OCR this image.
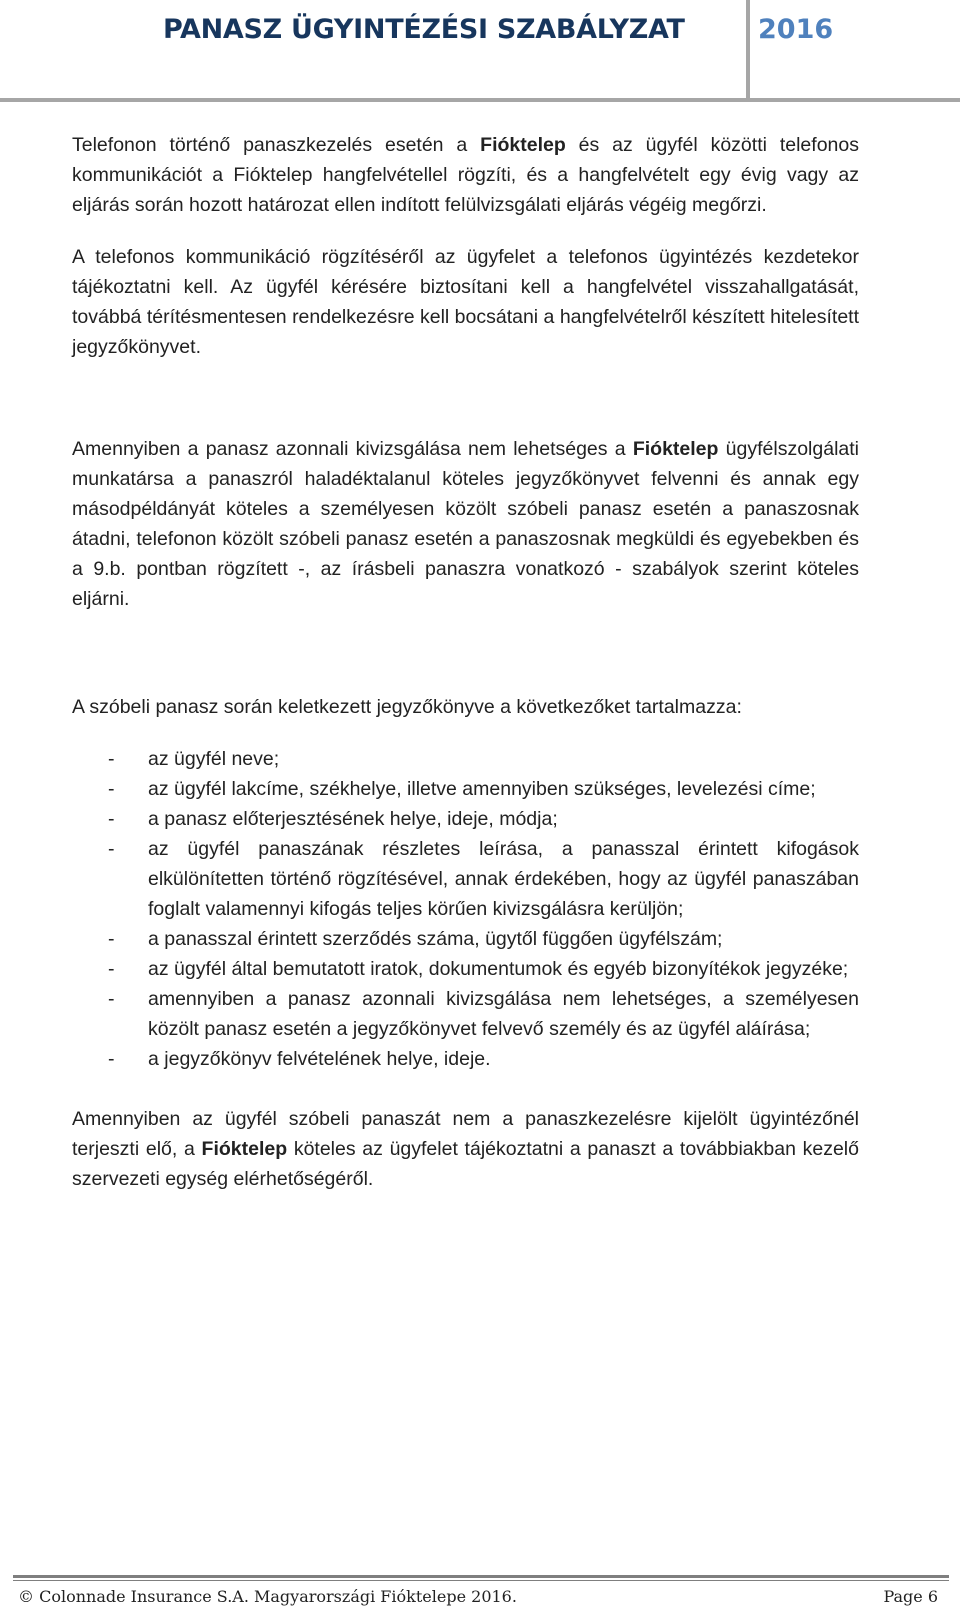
PANASZ ÜGYINTÉZÉSI SZABÁLYZAT	2016

Telefonon történő panaszkezelés esetén a Fióktelep és az ügyfél közötti telefonos kommunikációt a Fióktelep hangfelvétellel rögzíti, és a hangfelvételt egy évig vagy az eljárás során hozott határozat ellen indított felülvizsgálati eljárás végéig megőrzi.

A telefonos kommunikáció rögzítéséről az ügyfelet a telefonos ügyintézés kezdetekor tájékoztatni kell. Az ügyfél kérésére biztosítani kell a hangfelvétel visszahallgatását, továbbá térítésmentesen rendelkezésre kell bocsátani a hangfelvételről készített hitelesített jegyzőkönyvet.

Amennyiben a panasz azonnali kivizsgálása nem lehetséges a Fióktelep ügyfélszolgálati munkatársa a panaszról haladéktalanul köteles jegyzőkönyvet felvenni és annak egy másodpéldányát köteles a személyesen közölt szóbeli panasz esetén a panaszosnak átadni, telefonon közölt szóbeli panasz esetén a panaszosnak megküldi és egyebekben és a 9.b. pontban rögzített -, az írásbeli panaszra vonatkozó - szabályok szerint köteles eljárni.

A szóbeli panasz során keletkezett jegyzőkönyve a következőket tartalmazza:

- az ügyfél neve;
- az ügyfél lakcíme, székhelye, illetve amennyiben szükséges, levelezési címe;
- a panasz előterjesztésének helye, ideje, módja;
- az ügyfél panaszának részletes leírása, a panasszal érintett kifogások elkülönítetten történő rögzítésével, annak érdekében, hogy az ügyfél panaszában foglalt valamennyi kifogás teljes körűen kivizsgálásra kerüljön;
- a panasszal érintett szerződés száma, ügytől függően ügyfélszám;
- az ügyfél által bemutatott iratok, dokumentumok és egyéb bizonyítékok jegyzéke;
- amennyiben a panasz azonnali kivizsgálása nem lehetséges, a személyesen közölt panasz esetén a jegyzőkönyvet felvevő személy és az ügyfél aláírása;
- a jegyzőkönyv felvételének helye, ideje.

Amennyiben az ügyfél szóbeli panaszát nem a panaszkezelésre kijelölt ügyintézőnél terjeszti elő, a Fióktelep köteles az ügyfelet tájékoztatni a panaszt a továbbiakban kezelő szervezeti egység elérhetőségéről.

© Colonnade Insurance S.A. Magyarországi Fióktelepe 2016.	Page 6
